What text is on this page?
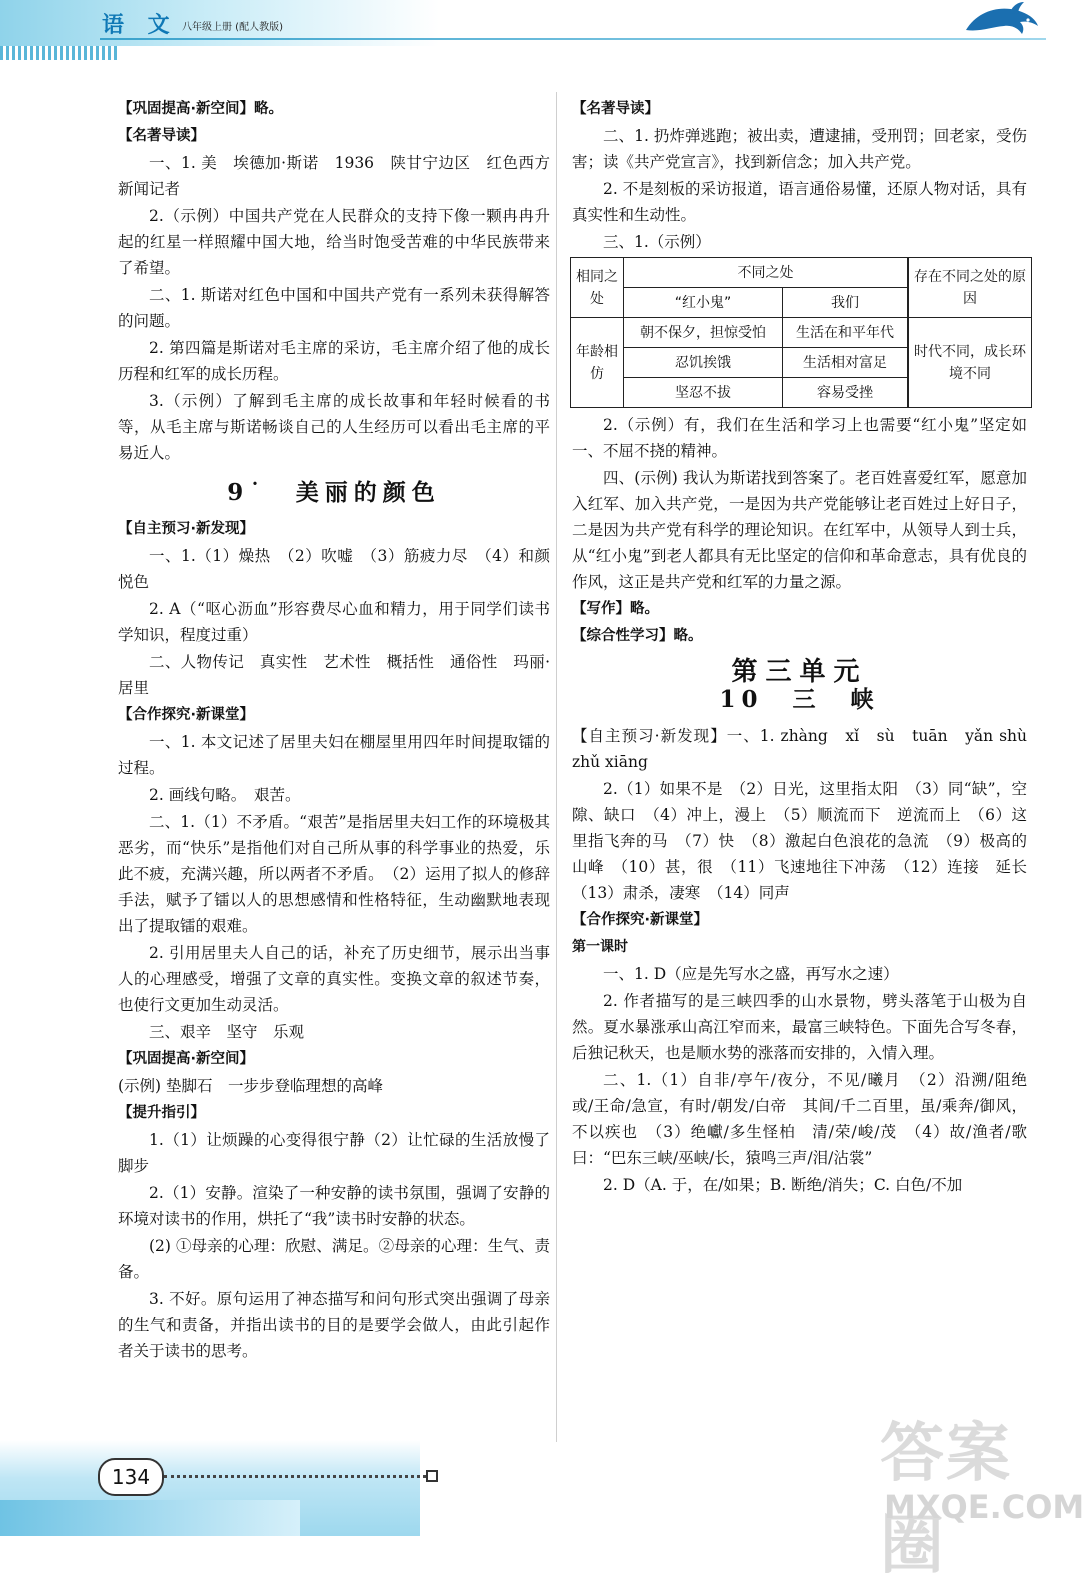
语 文 八年级上册 (配人教版)

【巩固提高·新空间】略。

【名著导读】

一、1. 美　埃德加·斯诺　1936　陕甘宁边区　红色西方新闻记者

2.（示例）中国共产党在人民群众的支持下像一颗冉冉升起的红星一样照耀中国大地，给当时饱受苦难的中华民族带来了希望。

二、1. 斯诺对红色中国和中国共产党有一系列未获得解答的问题。

2. 第四篇是斯诺对毛主席的采访，毛主席介绍了他的成长历程和红军的成长历程。

3.（示例）了解到毛主席的成长故事和年轻时候看的书等，从毛主席与斯诺畅谈自己的人生经历可以看出毛主席的平易近人。

9˙　美丽的颜色

【自主预习·新发现】

一、1.（1）燥热　（2）吹嘘　（3）筋疲力尽　（4）和颜悦色

2. A（“呕心沥血”形容费尽心血和精力，用于同学们读书学知识，程度过重）

二、人物传记　真实性　艺术性　概括性　通俗性　玛丽·居里

【合作探究·新课堂】

一、1. 本文记述了居里夫妇在棚屋里用四年时间提取镭的过程。

2. 画线句略。　艰苦。

二、1.（1）不矛盾。“艰苦”是指居里夫妇工作的环境极其恶劣，而“快乐”是指他们对自己所从事的科学事业的热爱，乐此不疲，充满兴趣，所以两者不矛盾。　（2）运用了拟人的修辞手法，赋予了镭以人的思想感情和性格特征，生动幽默地表现出了提取镭的艰难。

2. 引用居里夫人自己的话，补充了历史细节，展示出当事人的心理感受，增强了文章的真实性。变换文章的叙述节奏，也使行文更加生动灵活。

三、艰辛　坚守　乐观

【巩固提高·新空间】

(示例) 垫脚石　一步步登临理想的高峰

【提升指引】

1.（1）让烦躁的心变得很宁静（2）让忙碌的生活放慢了脚步

2.（1）安静。渲染了一种安静的读书氛围，强调了安静的环境对读书的作用，烘托了“我”读书时安静的状态。

(2) ①母亲的心理：欣慰、满足。②母亲的心理：生气、责备。

3. 不好。原句运用了神态描写和问句形式突出强调了母亲的生气和责备，并指出读书的目的是要学会做人，由此引起作者关于读书的思考。

【名著导读】

二、1. 扔炸弹逃跑；被出卖，遭逮捕，受刑罚；回老家，受伤害；读《共产党宣言》，找到新信念；加入共产党。

2. 不是刻板的采访报道，语言通俗易懂，还原人物对话，具有真实性和生动性。

三、1.（示例）

相同之处	不同之处		存在不同之处的原因
	“红小鬼”	我们	
年龄相仿	朝不保夕，担惊受怕	生活在和平年代	时代不同，成长环境不同
	忍饥挨饿	生活相对富足	
	坚忍不拔	容易受挫	

2.（示例）有，我们在生活和学习上也需要“红小鬼”坚定如一、不屈不挠的精神。

四、(示例) 我认为斯诺找到答案了。老百姓喜爱红军，愿意加入红军、加入共产党，一是因为共产党能够让老百姓过上好日子，二是因为共产党有科学的理论知识。在红军中，从领导人到士兵，从“红小鬼”到老人都具有无比坚定的信仰和革命意志，具有优良的作风，这正是共产党和红军的力量之源。

【写作】略。

【综合性学习】略。

第三单元
10　三　峡

【自主预习·新发现】一、1. zhàng　xǐ　sù　tuān　yǎn shù zhǔ xiāng

2.（1）如果不是　（2）日光，这里指太阳　（3）同“缺”，空隙、缺口　（4）冲上，漫上　（5）顺流而下　逆流而上　（6）这里指飞奔的马　（7）快　（8）激起白色浪花的急流　（9）极高的山峰　（10）甚，很　（11）飞速地往下冲荡　（12）连接　延长　（13）肃杀，凄寒　（14）同声

【合作探究·新课堂】

第一课时

一、1. D（应是先写水之盛，再写水之速）

2. 作者描写的是三峡四季的山水景物，劈头落笔于山极为自然。夏水暴涨承山高江窄而来，最富三峡特色。下面先合写冬春，后独记秋天，也是顺水势的涨落而安排的，入情入理。

二、1.（1）自非/亭午/夜分，不见/曦月　（2）沿溯/阻绝　或/王命/急宣，有时/朝发/白帝　其间/千二百里，虽/乘奔/御风，不以疾也　（3）绝巘/多生怪柏　清/荣/峻/茂　（4）故/渔者/歌曰：“巴东三峡/巫峡/长，猿鸣三声/泪/沾裳”

2. D（A. 于，在/如果；B. 断绝/消失；C. 白色/不加

134	答案圈
MXQE.COM
